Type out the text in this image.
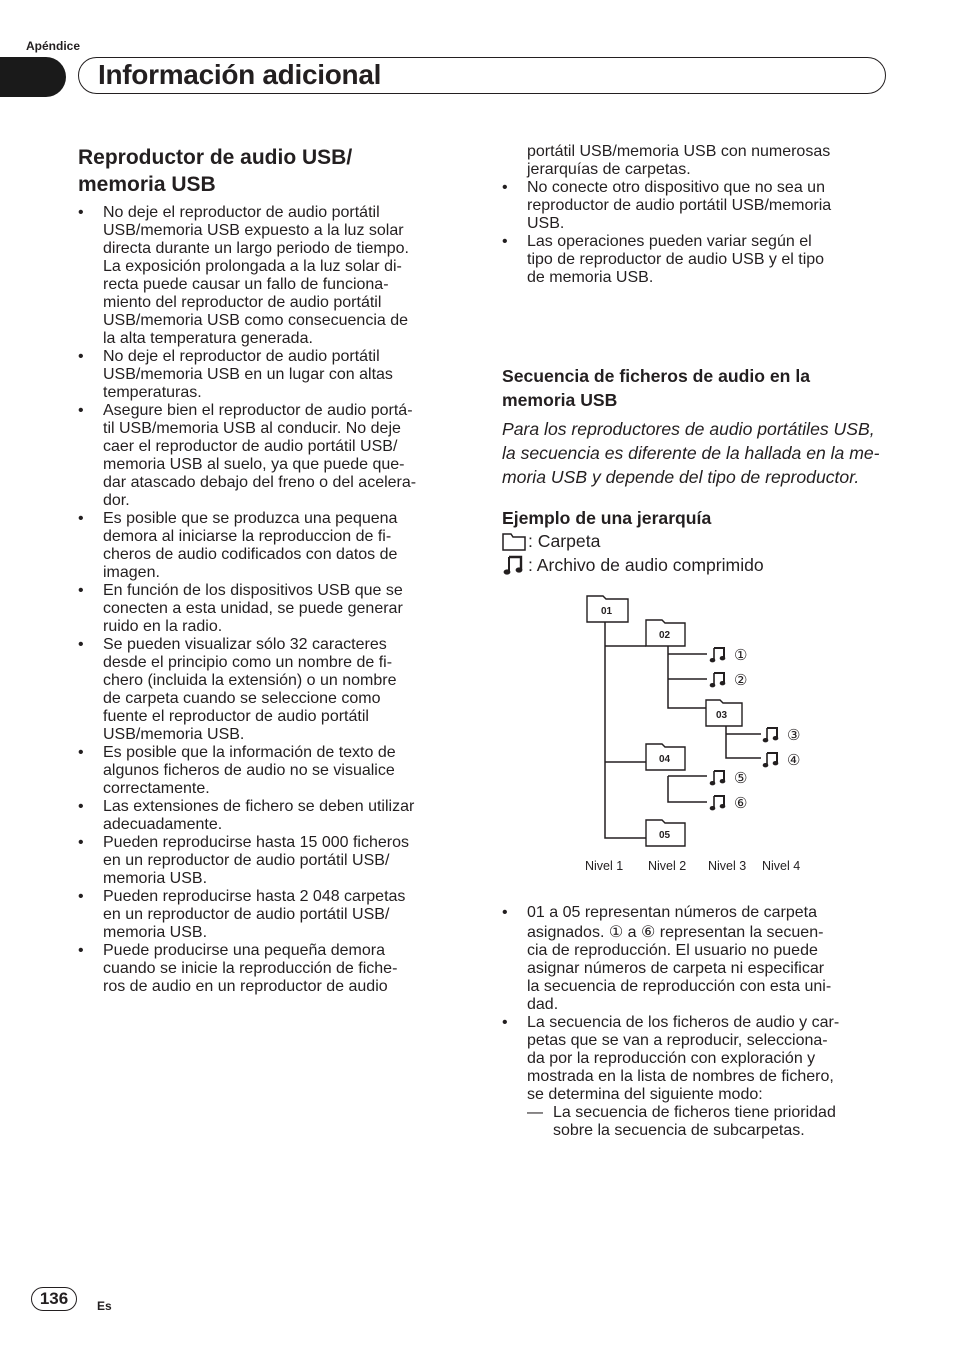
Apéndice
Información adicional
Reproductor de audio USB/
memoria USB
• No deje el reproductor de audio portátil
USB/memoria USB expuesto a la luz solar
directa durante un largo periodo de tiempo.
La exposición prolongada a la luz solar di-
recta puede causar un fallo de funciona-
miento del reproductor de audio portátil
USB/memoria USB como consecuencia de
la alta temperatura generada.
• No deje el reproductor de audio portátil
USB/memoria USB en un lugar con altas
temperaturas.
• Asegure bien el reproductor de audio portá-
til USB/memoria USB al conducir. No deje
caer el reproductor de audio portátil USB/
memoria USB al suelo, ya que puede que-
dar atascado debajo del freno o del acelera-
dor.
• Es posible que se produzca una pequena
demora al iniciarse la reproduccion de fi-
cheros de audio codificados con datos de
imagen.
• En función de los dispositivos USB que se
conecten a esta unidad, se puede generar
ruido en la radio.
• Se pueden visualizar sólo 32 caracteres
desde el principio como un nombre de fi-
chero (incluida la extensión) o un nombre
de carpeta cuando se seleccione como
fuente el reproductor de audio portátil
USB/memoria USB.
• Es posible que la información de texto de
algunos ficheros de audio no se visualice
correctamente.
• Las extensiones de fichero se deben utilizar
adecuadamente.
• Pueden reproducirse hasta 15 000 ficheros
en un reproductor de audio portátil USB/
memoria USB.
• Pueden reproducirse hasta 2 048 carpetas
en un reproductor de audio portátil USB/
memoria USB.
• Puede producirse una pequeña demora
cuando se inicie la reproducción de fiche-
ros de audio en un reproductor de audio
portátil USB/memoria USB con numerosas
jerarquías de carpetas.
• No conecte otro dispositivo que no sea un
reproductor de audio portátil USB/memoria
USB.
• Las operaciones pueden variar según el
tipo de reproductor de audio USB y el tipo
de memoria USB.
Secuencia de ficheros de audio en la
memoria USB
Para los reproductores de audio portátiles USB,
la secuencia es diferente de la hallada en la me-
moria USB y depende del tipo de reproductor.
Ejemplo de una jerarquía
: Carpeta
: Archivo de audio comprimido
01
02
03
04
05
①
②
③
④
⑤
⑥
Nivel 1 Nivel 2 Nivel 3 Nivel 4
• 01 a 05 representan números de carpeta
asignados. ① a ⑥ representan la secuen-
cia de reproducción. El usuario no puede
asignar números de carpeta ni especificar
la secuencia de reproducción con esta uni-
dad.
• La secuencia de los ficheros de audio y car-
petas que se van a reproducir, selecciona-
da por la reproducción con exploración y
mostrada en la lista de nombres de fichero,
se determina del siguiente modo:
— La secuencia de ficheros tiene prioridad
sobre la secuencia de subcarpetas.
136	Es
